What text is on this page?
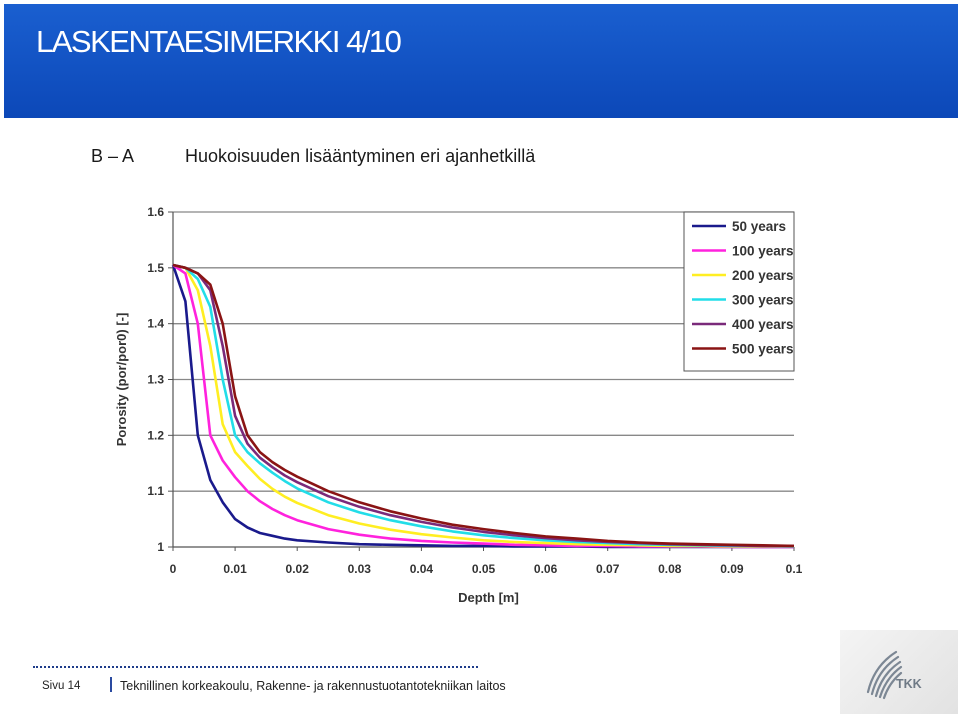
LASKENTAESIMERKKI 4/10
B – A	Huokoisuuden lisääntyminen eri ajanhetkillä
1
1.1
1.2
1.3
1.4
1.5
1.6
0	0.01	0.02	0.03	0.04	0.05	0.06	0.07	0.08	0.09	0.1
Depth [m]
Porosity (por/por0) [-]
50 years
100 years
200 years
300 years
400 years
500 years
Sivu 14	Teknillinen korkeakoulu, Rakenne- ja rakennustuotantotekniikan laitos	TKK
